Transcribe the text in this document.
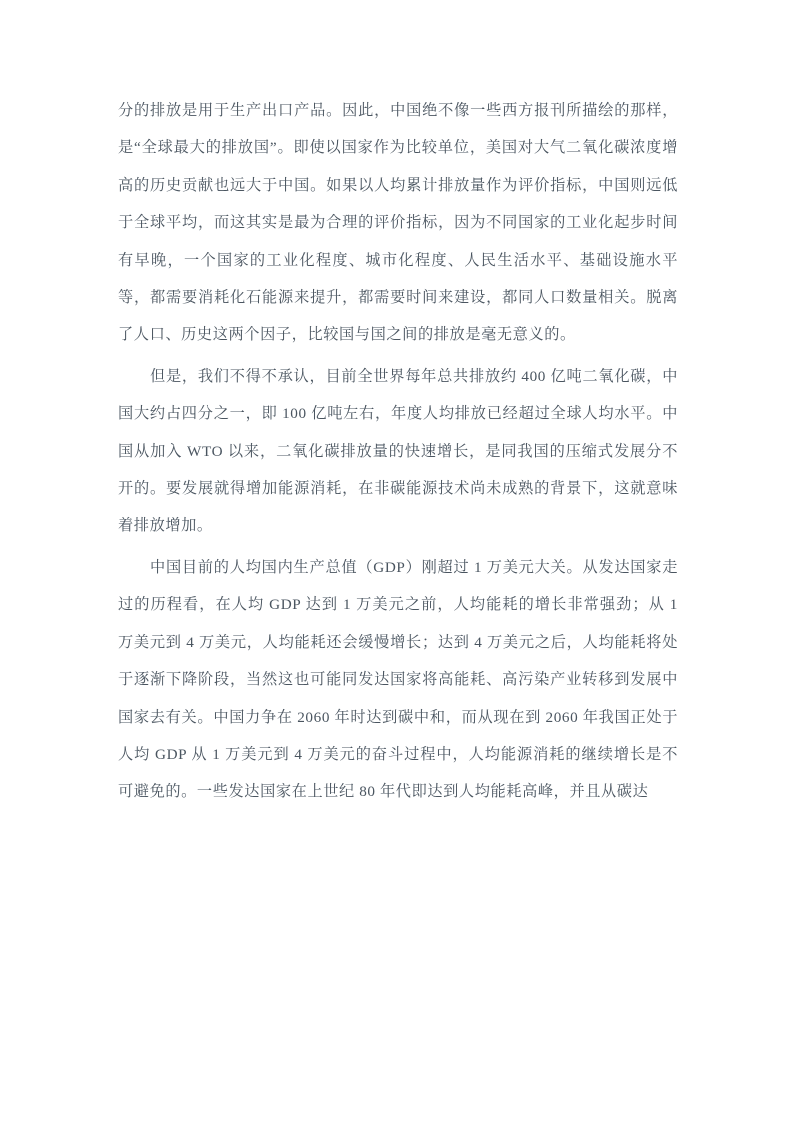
分的排放是用于生产出口产品。因此，中国绝不像一些西方报刊所描绘的那样，是“全球最大的排放国”。即使以国家作为比较单位，美国对大气二氧化碳浓度增高的历史贡献也远大于中国。如果以人均累计排放量作为评价指标，中国则远低于全球平均，而这其实是最为合理的评价指标，因为不同国家的工业化起步时间有早晚，一个国家的工业化程度、城市化程度、人民生活水平、基础设施水平等，都需要消耗化石能源来提升，都需要时间来建设，都同人口数量相关。脱离了人口、历史这两个因子，比较国与国之间的排放是毫无意义的。

但是，我们不得不承认，目前全世界每年总共排放约 400 亿吨二氧化碳，中国大约占四分之一，即 100 亿吨左右，年度人均排放已经超过全球人均水平。中国从加入 WTO 以来，二氧化碳排放量的快速增长，是同我国的压缩式发展分不开的。要发展就得增加能源消耗，在非碳能源技术尚未成熟的背景下，这就意味着排放增加。

中国目前的人均国内生产总值（GDP）刚超过 1 万美元大关。从发达国家走过的历程看，在人均 GDP 达到 1 万美元之前，人均能耗的增长非常强劲；从 1 万美元到 4 万美元，人均能耗还会缓慢增长；达到 4 万美元之后，人均能耗将处于逐渐下降阶段，当然这也可能同发达国家将高能耗、高污染产业转移到发展中国家去有关。中国力争在 2060 年时达到碳中和，而从现在到 2060 年我国正处于人均 GDP 从 1 万美元到 4 万美元的奋斗过程中，人均能源消耗的继续增长是不可避免的。一些发达国家在上世纪 80 年代即达到人均能耗高峰，并且从碳达
